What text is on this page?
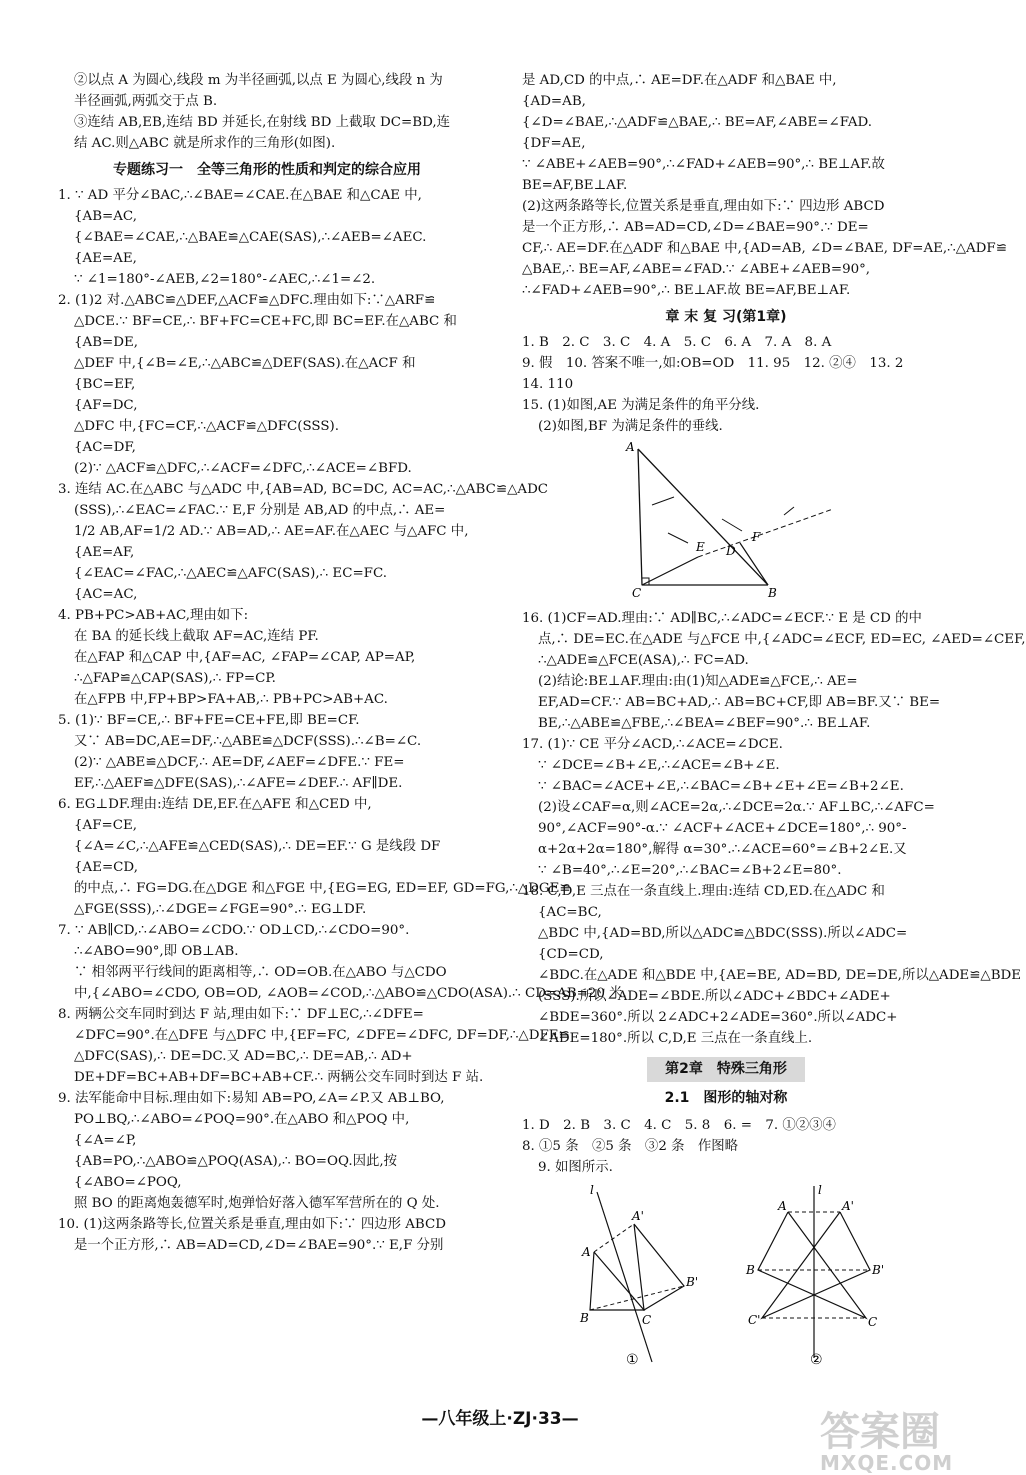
②以点 A 为圆心,线段 m 为半径画弧,以点 E 为圆心,线段 n 为
半径画弧,两弧交于点 B.
③连结 AB,EB,连结 BD 并延长,在射线 BD 上截取 DC=BD,连
结 AC.则△ABC 就是所求作的三角形(如图).
专题练习一　全等三角形的性质和判定的综合应用
1. ∵ AD 平分∠BAC,∴∠BAE=∠CAE.在△BAE 和△CAE 中,
{AB=AC,
{∠BAE=∠CAE,∴△BAE≌△CAE(SAS),∴∠AEB=∠AEC.
{AE=AE,
∵ ∠1=180°-∠AEB,∠2=180°-∠AEC,∴∠1=∠2.
2. (1)2 对.△ABC≌△DEF,△ACF≌△DFC.理由如下:∵△ARF≌
△DCE.∵ BF=CE,∴ BF+FC=CE+FC,即 BC=EF.在△ABC 和
{AB=DE,
△DEF 中,{∠B=∠E,∴△ABC≌△DEF(SAS).在△ACF 和
{BC=EF,
{AF=DC,
△DFC 中,{FC=CF,∴△ACF≌△DFC(SSS).
{AC=DF,
(2)∵ △ACF≌△DFC,∴∠ACF=∠DFC,∴∠ACE=∠BFD.
3. 连结 AC.在△ABC 与△ADC 中,{AB=AD, BC=DC, AC=AC,∴△ABC≌△ADC
(SSS),∴∠EAC=∠FAC.∵ E,F 分别是 AB,AD 的中点,∴ AE=
1/2 AB,AF=1/2 AD.∵ AB=AD,∴ AE=AF.在△AEC 与△AFC 中,
{AE=AF,
{∠EAC=∠FAC,∴△AEC≌△AFC(SAS),∴ EC=FC.
{AC=AC,
4. PB+PC>AB+AC,理由如下:
在 BA 的延长线上截取 AF=AC,连结 PF.
在△FAP 和△CAP 中,{AF=AC, ∠FAP=∠CAP, AP=AP,
∴△FAP≌△CAP(SAS),∴ FP=CP.
在△FPB 中,FP+BP>FA+AB,∴ PB+PC>AB+AC.
5. (1)∵ BF=CE,∴ BF+FE=CE+FE,即 BE=CF.
又∵ AB=DC,AE=DF,∴△ABE≌△DCF(SSS).∴∠B=∠C.
(2)∵ △ABE≌△DCF,∴ AE=DF,∠AEF=∠DFE.∵ FE=
EF,∴△AEF≌△DFE(SAS),∴∠AFE=∠DEF.∴ AF∥DE.
6. EG⊥DF.理由:连结 DE,EF.在△AFE 和△CED 中,
{AF=CE,
{∠A=∠C,∴△AFE≌△CED(SAS),∴ DE=EF.∵ G 是线段 DF
{AE=CD,
的中点,∴ FG=DG.在△DGE 和△FGE 中,{EG=EG, ED=EF, GD=FG,∴△DGE≌
△FGE(SSS),∴∠DGE=∠FGE=90°.∴ EG⊥DF.
7. ∵ AB∥CD,∴∠ABO=∠CDO.∵ OD⊥CD,∴∠CDO=90°.
∴∠ABO=90°,即 OB⊥AB.
∵ 相邻两平行线间的距离相等,∴ OD=OB.在△ABO 与△CDO
中,{∠ABO=∠CDO, OB=OD, ∠AOB=∠COD,∴△ABO≌△CDO(ASA).∴ CD=AB=20 米.
8. 两辆公交车同时到达 F 站,理由如下:∵ DF⊥EC,∴∠DFE=
∠DFC=90°.在△DFE 与△DFC 中,{EF=FC, ∠DFE=∠DFC, DF=DF,∴△DFE≌
△DFC(SAS),∴ DE=DC.又 AD=BC,∴ DE=AB,∴ AD+
DE+DF=BC+AB+DF=BC+AB+CF.∴ 两辆公交车同时到达 F 站.
9. 法军能命中目标.理由如下:易知 AB=PO,∠A=∠P.又 AB⊥BO,
PO⊥BQ,∴∠ABO=∠POQ=90°.在△ABO 和△POQ 中,
{∠A=∠P,
{AB=PO,∴△ABO≌△POQ(ASA),∴ BO=OQ.因此,按
{∠ABO=∠POQ,
照 BO 的距离炮轰德军时,炮弹恰好落入德军军营所在的 Q 处.
10. (1)这两条路等长,位置关系是垂直,理由如下:∵ 四边形 ABCD
是一个正方形,∴ AB=AD=CD,∠D=∠BAE=90°.∵ E,F 分别
是 AD,CD 的中点,∴ AE=DF.在△ADF 和△BAE 中,
{AD=AB,
{∠D=∠BAE,∴△ADF≌△BAE,∴ BE=AF,∠ABE=∠FAD.
{DF=AE,
∵ ∠ABE+∠AEB=90°,∴∠FAD+∠AEB=90°,∴ BE⊥AF.故
BE=AF,BE⊥AF.
(2)这两条路等长,位置关系是垂直,理由如下:∵ 四边形 ABCD
是一个正方形,∴ AB=AD=CD,∠D=∠BAE=90°.∵ DE=
CF,∴ AE=DF.在△ADF 和△BAE 中,{AD=AB, ∠D=∠BAE, DF=AE,∴△ADF≌
△BAE,∴ BE=AF,∠ABE=∠FAD.∵ ∠ABE+∠AEB=90°,
∴∠FAD+∠AEB=90°,∴ BE⊥AF.故 BE=AF,BE⊥AF.
章 末 复 习(第1章)
1. B　2. C　3. C　4. A　5. C　6. A　7. A　8. A
9. 假　10. 答案不唯一,如:OB=OD　11. 95　12. ②④　13. 2
14. 110
15. (1)如图,AE 为满足条件的角平分线.
(2)如图,BF 为满足条件的垂线.
A
C	B
E D
F
16. (1)CF=AD.理由:∵ AD∥BC,∴∠ADC=∠ECF.∵ E 是 CD 的中
点,∴ DE=EC.在△ADE 与△FCE 中,{∠ADC=∠ECF, ED=EC, ∠AED=∠CEF,
∴△ADE≌△FCE(ASA),∴ FC=AD.
(2)结论:BE⊥AF.理由:由(1)知△ADE≌△FCE,∴ AE=
EF,AD=CF.∵ AB=BC+AD,∴ AB=BC+CF,即 AB=BF.又∵ BE=
BE,∴△ABE≌△FBE,∴∠BEA=∠BEF=90°.∴ BE⊥AF.
17. (1)∵ CE 平分∠ACD,∴∠ACE=∠DCE.
∵ ∠DCE=∠B+∠E,∴∠ACE=∠B+∠E.
∵ ∠BAC=∠ACE+∠E,∴∠BAC=∠B+∠E+∠E=∠B+2∠E.
(2)设∠CAF=α,则∠ACE=2α,∴∠DCE=2α.∵ AF⊥BC,∴∠AFC=
90°,∠ACF=90°-α.∵ ∠ACF+∠ACE+∠DCE=180°,∴ 90°-
α+2α+2α=180°,解得 α=30°.∴∠ACE=60°=∠B+2∠E.又
∵ ∠B=40°,∴∠E=20°,∴∠BAC=∠B+2∠E=80°.
18. C,D,E 三点在一条直线上.理由:连结 CD,ED.在△ADC 和
{AC=BC,
△BDC 中,{AD=BD,所以△ADC≌△BDC(SSS).所以∠ADC=
{CD=CD,
∠BDC.在△ADE 和△BDE 中,{AE=BE, AD=BD, DE=DE,所以△ADE≌△BDE
(SSS).所以∠ADE=∠BDE.所以∠ADC+∠BDC+∠ADE+
∠BDE=360°.所以 2∠ADC+2∠ADE=360°.所以∠ADC+
∠ADE=180°.所以 C,D,E 三点在一条直线上.
第2章　特殊三角形
2.1　图形的轴对称
1. D　2. B　3. C　4. C　5. 8　6. =　7. ①②③④
8. ①5 条　②5 条　③2 条　作图略
9. 如图所示.
l
A
A'
B'
B	C
①
l
A	A'
B	B'
C'	C
②
—八年级上·ZJ·33—	答案圈
MXQE.COM
